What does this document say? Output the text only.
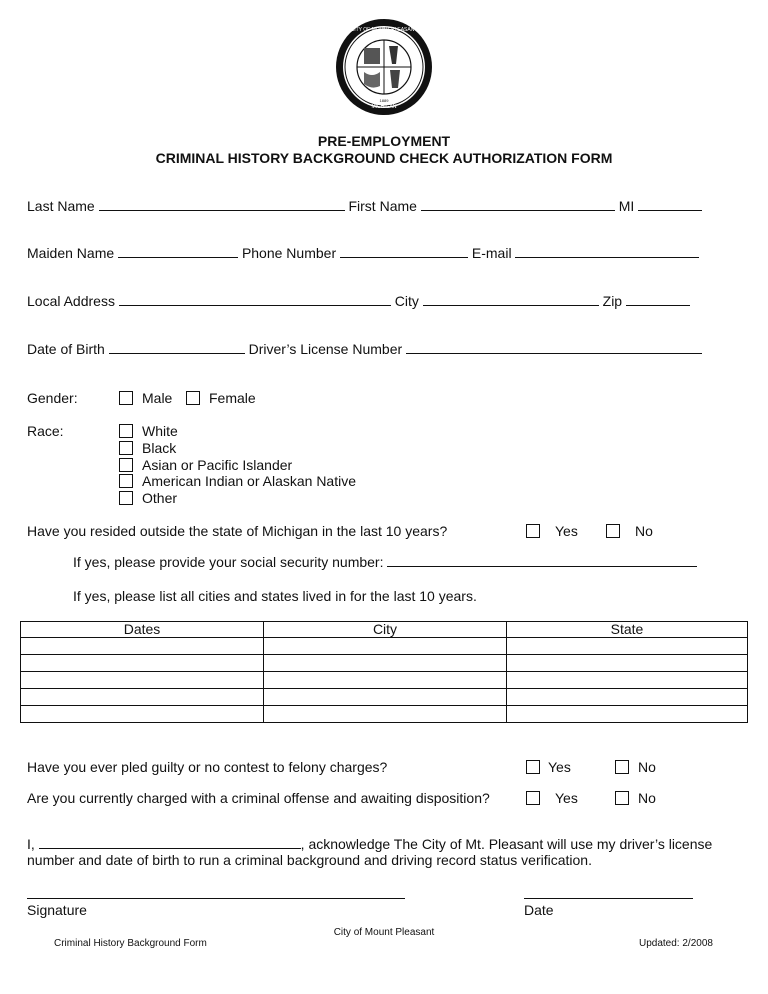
CITY OF MOUNT PLEASANT
MICHIGAN
1889
PRE-EMPLOYMENT
CRIMINAL HISTORY BACKGROUND CHECK AUTHORIZATION FORM
Last Name	First Name	MI
Maiden Name	Phone Number	E-mail
Local Address	City	Zip
Date of Birth	Driver’s License Number
Gender:	Male	Female
Race:	White
Black
Asian or Pacific Islander
American Indian or Alaskan Native
Other
Have you resided outside the state of Michigan in the last 10 years?	Yes	No
If yes, please provide your social security number:
If yes, please list all cities and states lived in for the last 10 years.
Dates	City	State

Have you ever pled guilty or no contest to felony charges?	Yes	No
Are you currently charged with a criminal offense and awaiting disposition?	Yes	No
I,	, acknowledge The City of Mt. Pleasant will use my driver’s license
number and date of birth to run a criminal background and driving record status verification.
Signature	Date
City of Mount Pleasant
Criminal History Background Form	Updated: 2/2008
